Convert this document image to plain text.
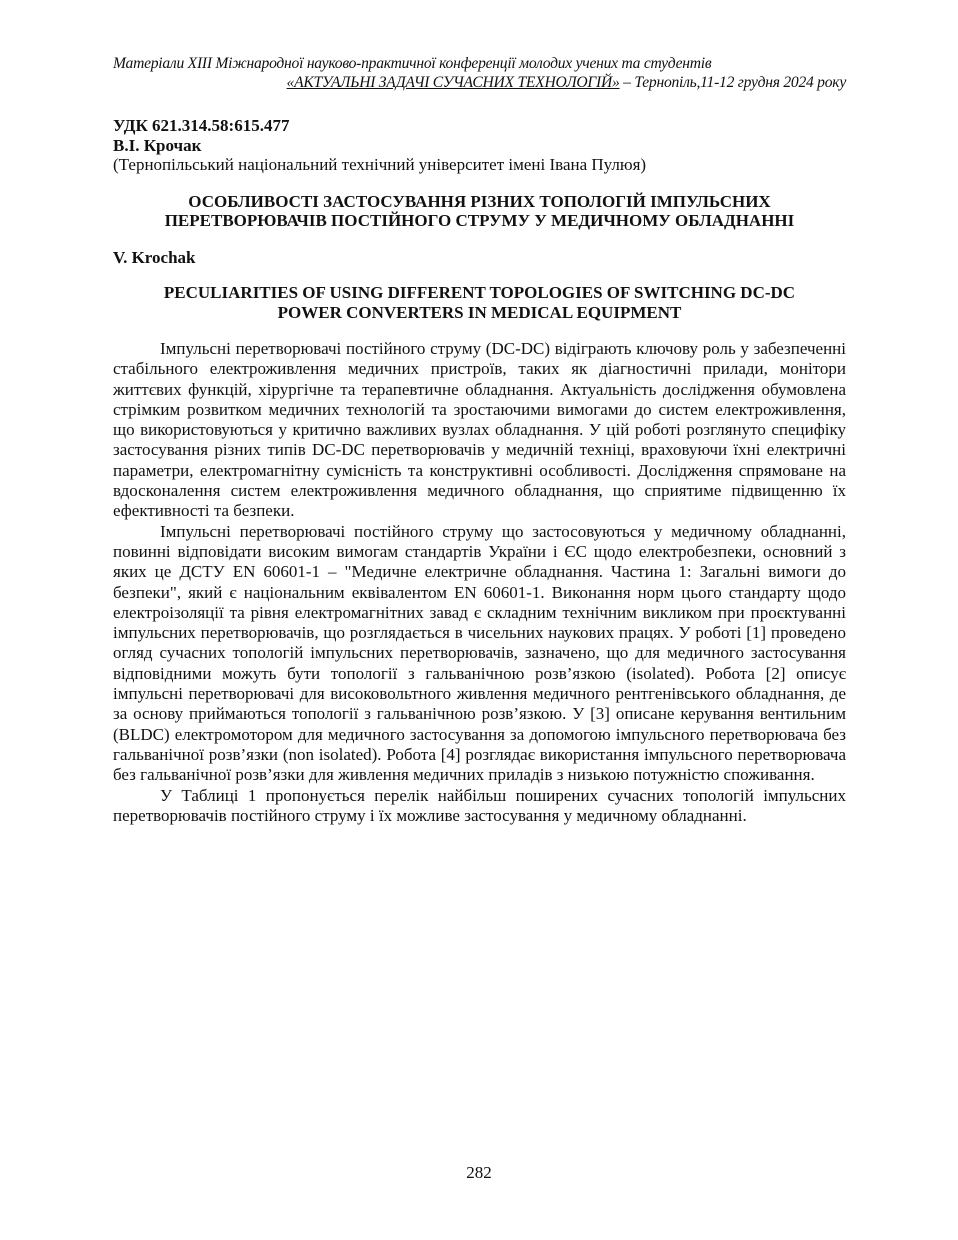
Матеріали XIII Міжнародної науково-практичної конференції молодих учених та студентів
«АКТУАЛЬНІ ЗАДАЧІ СУЧАСНИХ ТЕХНОЛОГІЙ» – Тернопіль,11-12 грудня 2024 року
УДК 621.314.58:615.477
В.І. Крочак
(Тернопільський національний технічний університет імені Івана Пулюя)
ОСОБЛИВОСТІ ЗАСТОСУВАННЯ РІЗНИХ ТОПОЛОГІЙ ІМПУЛЬСНИХ
ПЕРЕТВОРЮВАЧІВ ПОСТІЙНОГО СТРУМУ У МЕДИЧНОМУ ОБЛАДНАННІ
V. Krochak
PECULIARITIES OF USING DIFFERENT TOPOLOGIES OF SWITCHING DC-DC
POWER CONVERTERS IN MEDICAL EQUIPMENT

Імпульсні перетворювачі постійного струму (DC-DC) відіграють ключову роль у забезпеченні стабільного електроживлення медичних пристроїв, таких як діагностичні прилади, монітори життєвих функцій, хірургічне та терапевтичне обладнання. Актуальність дослідження обумовлена стрімким розвитком медичних технологій та зростаючими вимогами до систем електроживлення, що використовуються у критично важливих вузлах обладнання. У цій роботі розглянуто специфіку застосування різних типів DC-DC перетворювачів у медичній техніці, враховуючи їхні електричні параметри, електромагнітну сумісність та конструктивні особливості. Дослідження спрямоване на вдосконалення систем електроживлення медичного обладнання, що сприятиме підвищенню їх ефективності та безпеки.

Імпульсні перетворювачі постійного струму що застосовуються у медичному обладнанні, повинні відповідати високим вимогам стандартів України і ЄС щодо електробезпеки, основний з яких це ДСТУ EN 60601-1 – "Медичне електричне обладнання. Частина 1: Загальні вимоги до безпеки", який є національним еквівалентом EN 60601-1. Виконання норм цього стандарту щодо електроізоляції та рівня електромагнітних завад є складним технічним викликом при проєктуванні імпульсних перетворювачів, що розглядається в чисельних наукових працях. У роботі [1] проведено огляд сучасних топологій імпульсних перетворювачів, зазначено, що для медичного застосування відповідними можуть бути топології з гальванічною розв’язкою (isolated). Робота [2] описує імпульсні перетворювачі для високовольтного живлення медичного рентгенівського обладнання, де за основу приймаються топології з гальванічною розв’язкою. У [3] описане керування вентильним (BLDC) електромотором для медичного застосування за допомогою імпульсного перетворювача без гальванічної розв’язки (non isolated). Робота [4] розглядає використання імпульсного перетворювача без гальванічної розв’язки для живлення медичних приладів з низькою потужністю споживання.

У Таблиці 1 пропонується перелік найбільш поширених сучасних топологій імпульсних перетворювачів постійного струму і їх можливе застосування у медичному обладнанні.

282
